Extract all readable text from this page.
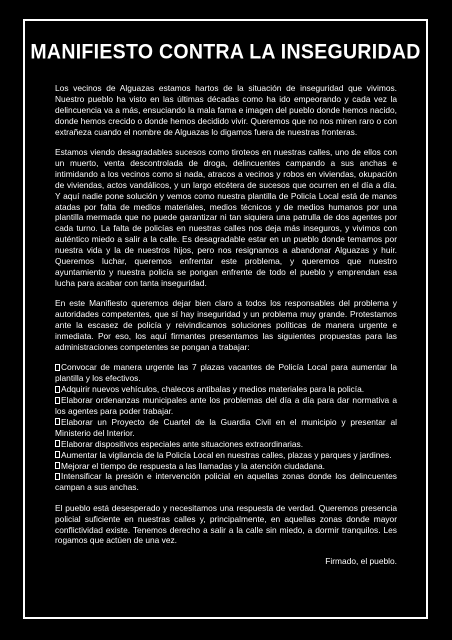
MANIFIESTO CONTRA LA INSEGURIDAD

Los vecinos de Alguazas estamos hartos de la situación de inseguridad que vivimos. Nuestro pueblo ha visto en las últimas décadas como ha ido empeorando y cada vez la delincuencia va a más, ensuciando la mala fama e imagen del pueblo donde hemos nacido, donde hemos crecido o donde hemos decidido vivir. Queremos que no nos miren raro o con extrañeza cuando el nombre de Alguazas lo digamos fuera de nuestras fronteras.

Estamos viendo desagradables sucesos como tiroteos en nuestras calles, uno de ellos con un muerto, venta descontrolada de droga, delincuentes campando a sus anchas e intimidando a los vecinos como si nada, atracos a vecinos y robos en viviendas, okupación de viviendas, actos vandálicos, y un largo etcétera de sucesos que ocurren en el día a día. Y aquí nadie pone solución y vemos como nuestra plantilla de Policía Local está de manos atadas por falta de medios materiales, medios técnicos y de medios humanos por una plantilla mermada que no puede garantizar ni tan siquiera una patrulla de dos agentes por cada turno. La falta de policías en nuestras calles nos deja más inseguros, y vivimos con auténtico miedo a salir a la calle. Es desagradable estar en un pueblo donde temamos por nuestra vida y la de nuestros hijos, pero nos resignamos a abandonar Alguazas y huir. Queremos luchar, queremos enfrentar este problema, y queremos que nuestro ayuntamiento y nuestra policía se pongan enfrente de todo el pueblo y emprendan esa lucha para acabar con tanta inseguridad.

En este Manifiesto queremos dejar bien claro a todos los responsables del problema y autoridades competentes, que sí hay inseguridad y un problema muy grande. Protestamos ante la escasez de policía y reivindicamos soluciones políticas de manera urgente e inmediata. Por eso, los aquí firmantes presentamos las siguientes propuestas para las administraciones competentes se pongan a trabajar:

Convocar de manera urgente las 7 plazas vacantes de Policía Local para aumentar la plantilla y los efectivos.
Adquirir nuevos vehículos, chalecos antibalas y medios materiales para la policía.
Elaborar ordenanzas municipales ante los problemas del día a día para dar normativa a los agentes para poder trabajar.
Elaborar un Proyecto de Cuartel de la Guardia Civil en el municipio y presentar al Ministerio del Interior.
Elaborar dispositivos especiales ante situaciones extraordinarias.
Aumentar la vigilancia de la Policía Local en nuestras calles, plazas y parques y jardines.
Mejorar el tiempo de respuesta a las llamadas y la atención ciudadana.
Intensificar la presión e intervención policial en aquellas zonas donde los delincuentes campan a sus anchas.

El pueblo está desesperado y necesitamos una respuesta de verdad. Queremos presencia policial suficiente en nuestras calles y, principalmente, en aquellas zonas donde mayor conflictividad existe. Tenemos derecho a salir a la calle sin miedo, a dormir tranquilos. Les rogamos que actúen de una vez.

Firmado, el pueblo.
